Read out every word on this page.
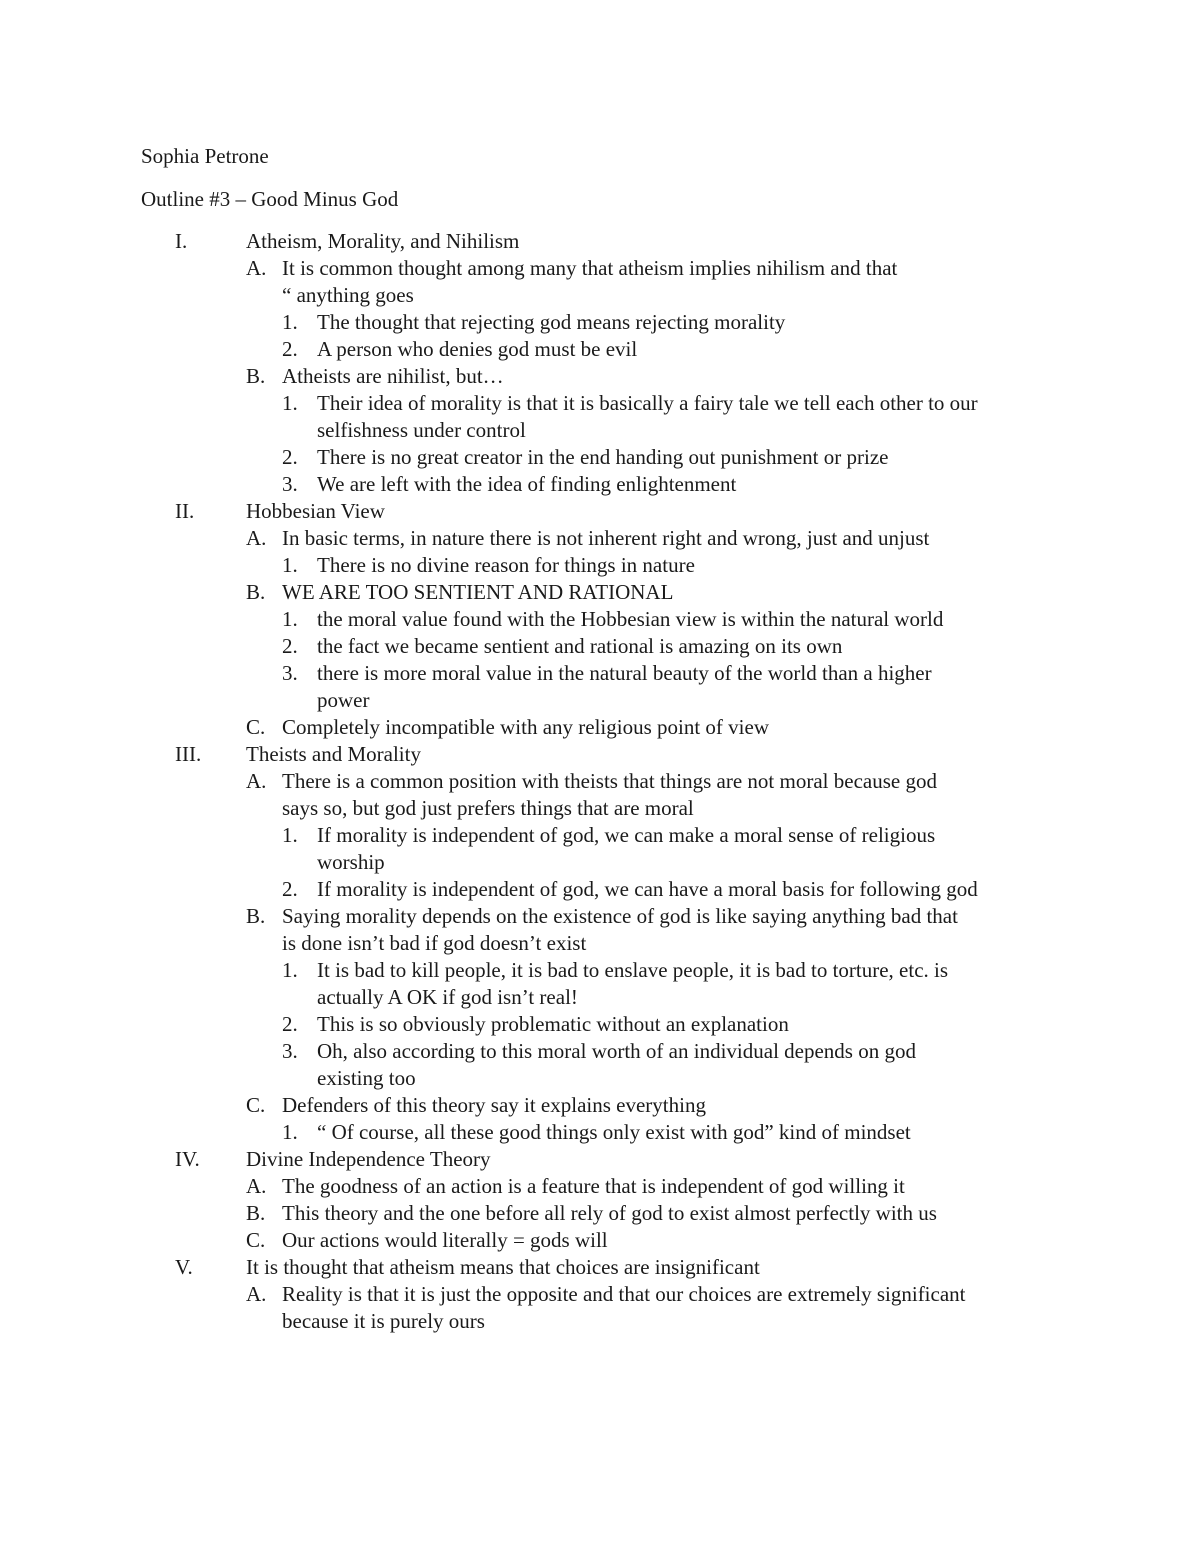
Sophia Petrone
Outline #3 – Good Minus God
I.	Atheism, Morality, and Nihilism
A. It is common thought among many that atheism implies nihilism and that
“ anything goes
1. The thought that rejecting god means rejecting morality
2. A person who denies god must be evil
B. Atheists are nihilist, but…
1. Their idea of morality is that it is basically a fairy tale we tell each other to our
selfishness under control
2. There is no great creator in the end handing out punishment or prize
3. We are left with the idea of finding enlightenment
II. Hobbesian View
A. In basic terms, in nature there is not inherent right and wrong, just and unjust
1. There is no divine reason for things in nature
B. WE ARE TOO SENTIENT AND RATIONAL
1. the moral value found with the Hobbesian view is within the natural world
2. the fact we became sentient and rational is amazing on its own
3. there is more moral value in the natural beauty of the world than a higher
power
C. Completely incompatible with any religious point of view
III. Theists and Morality
A. There is a common position with theists that things are not moral because god
says so, but god just prefers things that are moral
1. If morality is independent of god, we can make a moral sense of religious
worship
2. If morality is independent of god, we can have a moral basis for following god
B. Saying morality depends on the existence of god is like saying anything bad that
is done isn’t bad if god doesn’t exist
1. It is bad to kill people, it is bad to enslave people, it is bad to torture, etc. is
actually A OK if god isn’t real!
2. This is so obviously problematic without an explanation
3. Oh, also according to this moral worth of an individual depends on god
existing too
C. Defenders of this theory say it explains everything
1. “ Of course, all these good things only exist with god” kind of mindset
IV. Divine Independence Theory
A. The goodness of an action is a feature that is independent of god willing it
B. This theory and the one before all rely of god to exist almost perfectly with us
C. Our actions would literally = gods will
V.	It is thought that atheism means that choices are insignificant
A. Reality is that it is just the opposite and that our choices are extremely significant
because it is purely ours
